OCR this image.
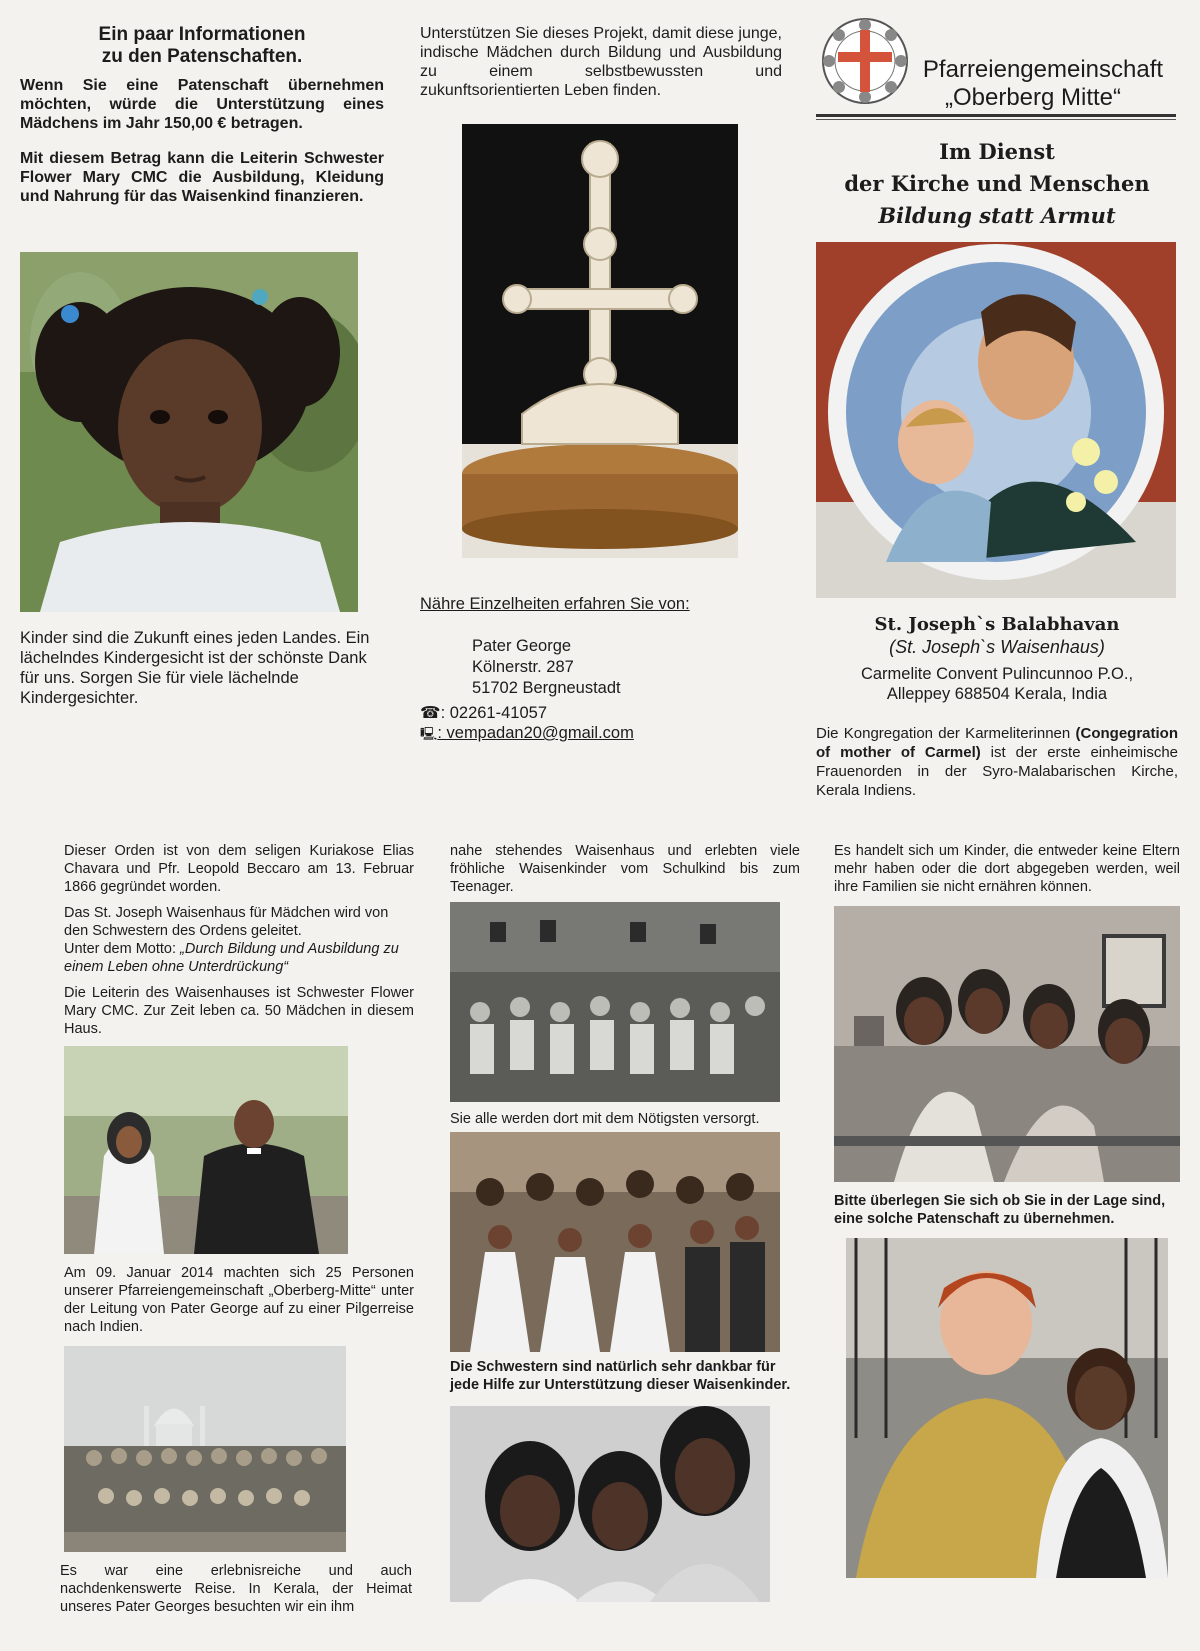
Ein paar Informationen
zu den Patenschaften.
Wenn Sie eine Patenschaft übernehmen möchten, würde die Unterstützung eines Mädchens im Jahr 150,00 € betragen.
Mit diesem Betrag kann die Leiterin Schwester Flower Mary CMC die Ausbildung, Kleidung und Nahrung für das Waisenkind finanzieren.
Kinder sind die Zukunft eines jeden Landes. Ein lächelndes Kindergesicht ist der schönste Dank für uns. Sorgen Sie für viele lächelnde Kindergesichter.
Unterstützen Sie dieses Projekt, damit diese junge, indische Mädchen durch Bildung und Ausbildung zu einem selbstbewussten und zukunftsorientierten Leben finden.
Nähre Einzelheiten erfahren Sie von:
Pater George
Kölnerstr. 287
51702 Bergneustadt
☎: 02261-41057
🖳: vempadan20@gmail.com
Pfarreiengemeinschaft
„Oberberg Mitte“
Im Dienst
der Kirche und Menschen
Bildung statt Armut
St. Joseph`s Balabhavan
(St. Joseph`s Waisenhaus)
Carmelite Convent Pulincunnoo P.O.,
Alleppey 688504 Kerala, India
Die Kongregation der Karmeliterinnen (Congegration of mother of Carmel) ist der erste einheimische Frauenorden in der Syro-Malabarischen Kirche, Kerala Indiens.
Dieser Orden ist von dem seligen Kuriakose Elias Chavara und Pfr. Leopold Beccaro am 13. Februar 1866 gegründet worden.
Das St. Joseph Waisenhaus für Mädchen wird von den Schwestern des Ordens geleitet.
Unter dem Motto: „Durch Bildung und Ausbildung zu einem Leben ohne Unterdrückung“
Die Leiterin des Waisenhauses ist Schwester Flower Mary CMC. Zur Zeit leben ca. 50 Mädchen in diesem Haus.
Am 09. Januar 2014 machten sich 25 Personen unserer Pfarreiengemeinschaft „Oberberg-Mitte“ unter der Leitung von Pater George auf zu einer Pilgerreise nach Indien.
Es war eine erlebnisreiche und auch nachdenkenswerte Reise. In Kerala, der Heimat unseres Pater Georges besuchten wir ein ihm
nahe stehendes Waisenhaus und erlebten viele fröhliche Waisenkinder vom Schulkind bis zum Teenager.
Sie alle werden dort mit dem Nötigsten versorgt.
Die Schwestern sind natürlich sehr dankbar für jede Hilfe zur Unterstützung dieser Waisenkinder.
Es handelt sich um Kinder, die entweder keine Eltern mehr haben oder die dort abgegeben werden, weil ihre Familien sie nicht ernähren können.
Bitte überlegen Sie sich ob Sie in der Lage sind, eine solche Patenschaft zu übernehmen.
